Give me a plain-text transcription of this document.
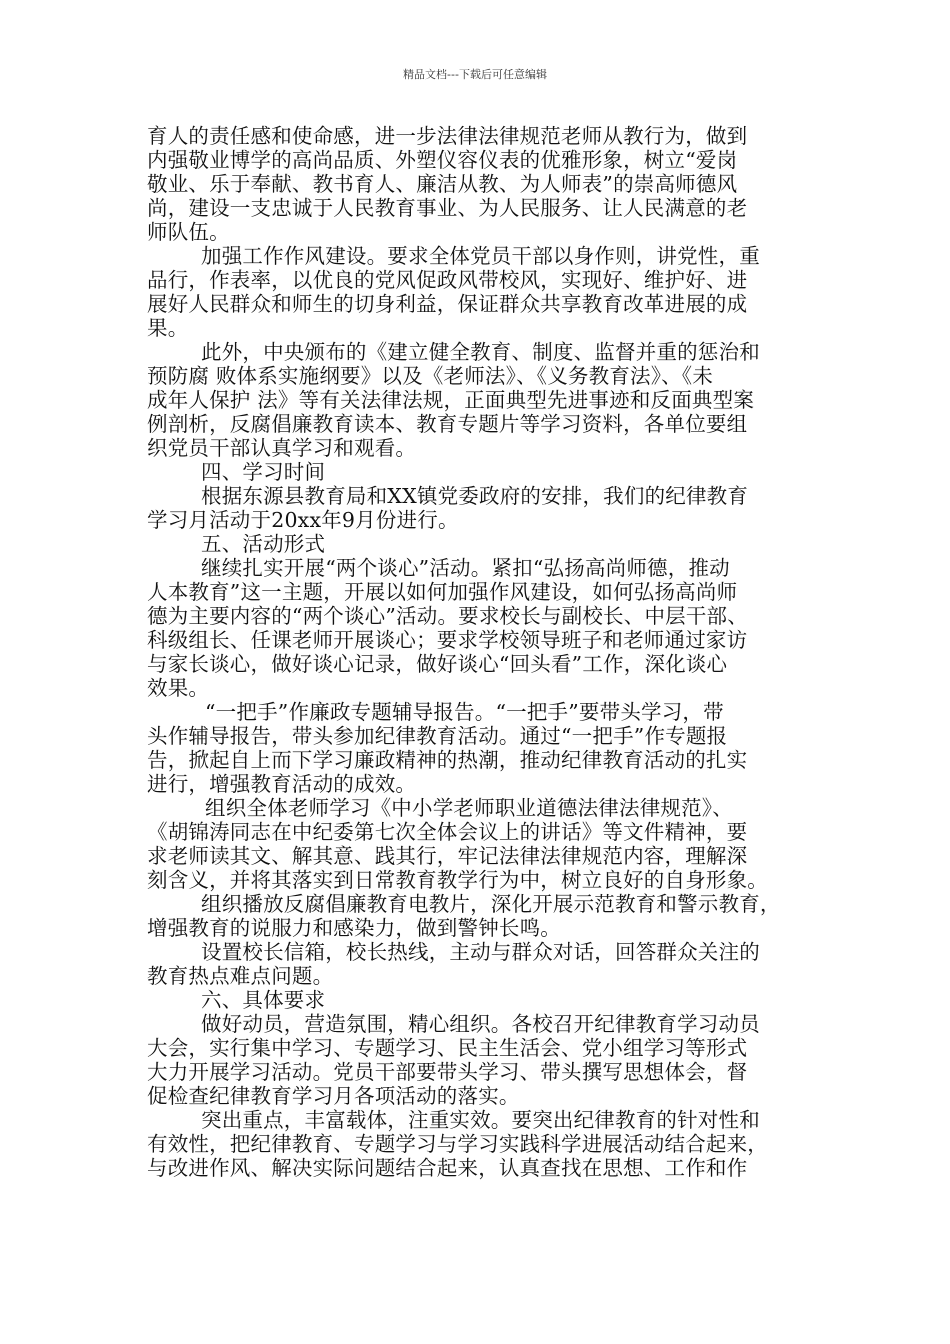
精品文档---下载后可任意编辑
育人的责任感和使命感，进一步法律法律规范老师从教行为，做到
内强敬业博学的高尚品质、外塑仪容仪表的优雅形象，树立“爱岗
敬业、乐于奉献、教书育人、廉洁从教、为人师表”的崇高师德风
尚，建设一支忠诚于人民教育事业、为人民服务、让人民满意的老
师队伍。
加强工作作风建设。要求全体党员干部以身作则，讲党性，重
品行，作表率，以优良的党风促政风带校风，实现好、维护好、进
展好人民群众和师生的切身利益，保证群众共享教育改革进展的成
果。
此外，中央颁布的《建立健全教育、制度、监督并重的惩治和
预防腐 败体系实施纲要》以及《老师法》、《义务教育法》、《未
成年人保护 法》等有关法律法规，正面典型先进事迹和反面典型案
例剖析，反腐倡廉教育读本、教育专题片等学习资料，各单位要组
织党员干部认真学习和观看。
四、学习时间
根据东源县教育局和XX镇党委政府的安排，我们的纪律教育
学习月活动于20xx年9月份进行。
五、活动形式
继续扎实开展“两个谈心”活动。紧扣“弘扬高尚师德，推动
人本教育”这一主题，开展以如何加强作风建设，如何弘扬高尚师
德为主要内容的“两个谈心”活动。要求校长与副校长、中层干部、
科级组长、任课老师开展谈心；要求学校领导班子和老师通过家访
与家长谈心，做好谈心记录，做好谈心“回头看”工作，深化谈心
效果。
“一把手”作廉政专题辅导报告。“一把手”要带头学习，带
头作辅导报告，带头参加纪律教育活动。通过“一把手”作专题报
告，掀起自上而下学习廉政精神的热潮，推动纪律教育活动的扎实
进行，增强教育活动的成效。
组织全体老师学习《中小学老师职业道德法律法律规范》、
《胡锦涛同志在中纪委第七次全体会议上的讲话》等文件精神，要
求老师读其文、解其意、践其行，牢记法律法律规范内容，理解深
刻含义，并将其落实到日常教育教学行为中，树立良好的自身形象。
组织播放反腐倡廉教育电教片，深化开展示范教育和警示教育，
增强教育的说服力和感染力，做到警钟长鸣。
设置校长信箱，校长热线，主动与群众对话，回答群众关注的
教育热点难点问题。
六、具体要求
做好动员，营造氛围，精心组织。各校召开纪律教育学习动员
大会，实行集中学习、专题学习、民主生活会、党小组学习等形式
大力开展学习活动。党员干部要带头学习、带头撰写思想体会，督
促检查纪律教育学习月各项活动的落实。
突出重点，丰富载体，注重实效。要突出纪律教育的针对性和
有效性，把纪律教育、专题学习与学习实践科学进展活动结合起来，
与改进作风、解决实际问题结合起来，认真查找在思想、工作和作
